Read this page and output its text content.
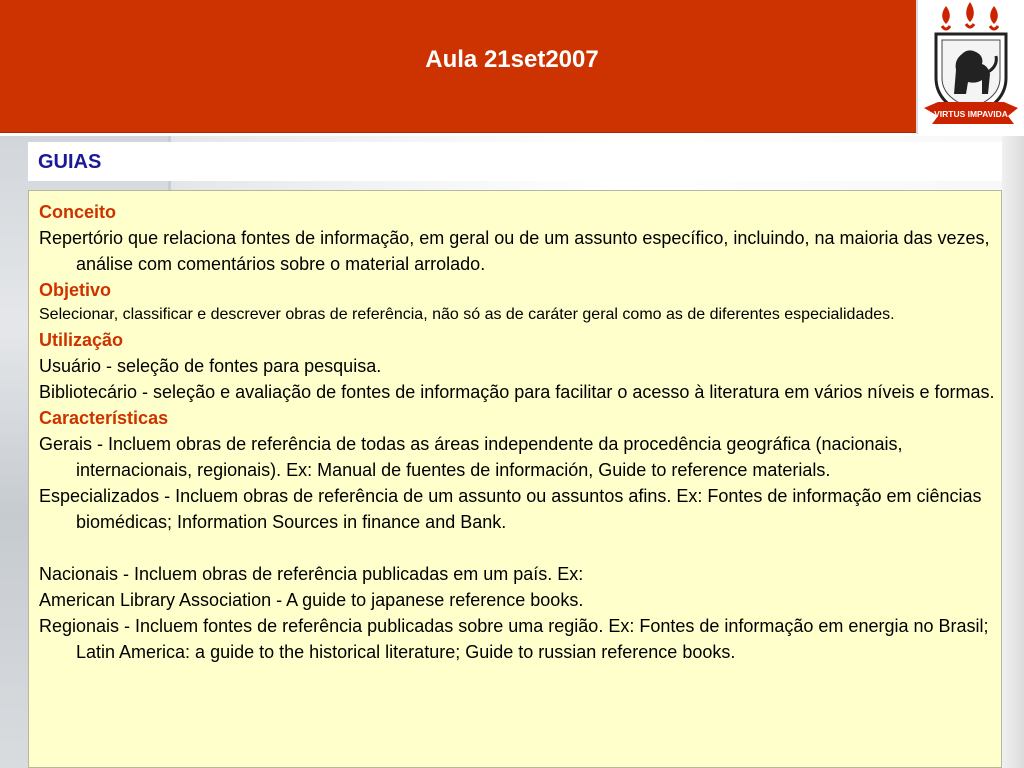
Aula 21set2007
VIRTUS IMPAVIDA
GUIAS
Conceito
Repertório que relaciona fontes de informação, em geral ou de um assunto específico, incluindo, na maioria das vezes, análise com comentários sobre o material arrolado.
Objetivo
Selecionar, classificar e descrever obras de referência, não só as de caráter geral como as de diferentes especialidades.
Utilização
Usuário - seleção de fontes para pesquisa.
Bibliotecário - seleção e avaliação de fontes de informação para facilitar o acesso à literatura em vários níveis e formas.
Características
Gerais - Incluem obras de referência de todas as áreas independente da procedência geográfica (nacionais, internacionais, regionais). Ex: Manual de fuentes de información, Guide to reference materials.
Especializados - Incluem obras de referência de um assunto ou assuntos afins. Ex: Fontes de informação em ciências biomédicas; Information Sources in finance and Bank.
Nacionais - Incluem obras de referência publicadas em um país. Ex:
American Library Association - A guide to japanese reference books.
Regionais - Incluem fontes de referência publicadas sobre uma região. Ex: Fontes de informação em energia no Brasil; Latin America: a guide to the historical literature; Guide to russian reference books.
